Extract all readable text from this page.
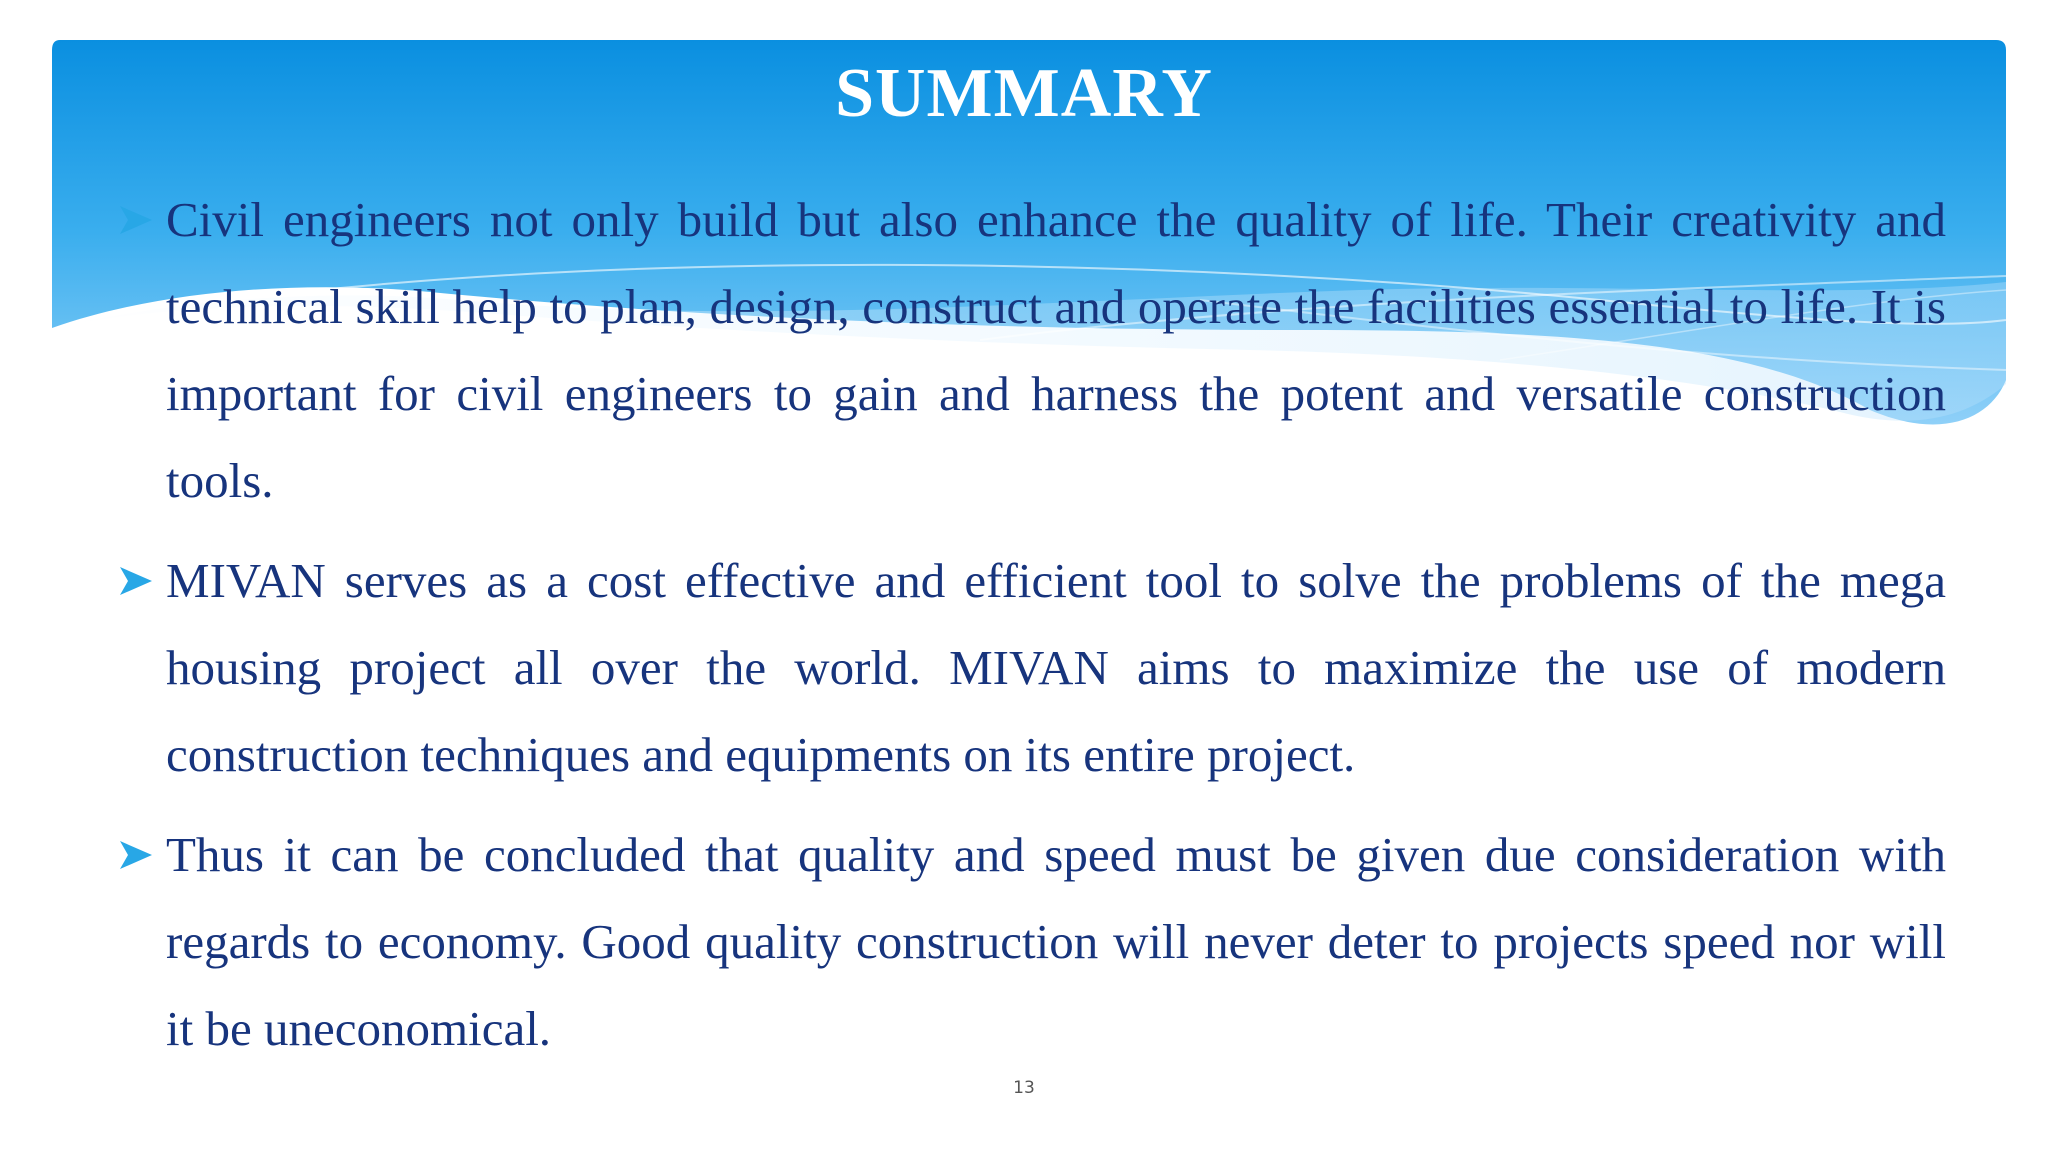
SUMMARY
Civil engineers not only build but also enhance the quality of life. Their creativity and technical skill help to plan, design, construct and operate the facilities essential to life. It is important for civil engineers to gain and harness the potent and versatile construction tools.
MIVAN serves as a cost effective and efficient tool to solve the problems of the mega housing project all over the world. MIVAN aims to maximize the use of modern construction techniques and equipments on its entire project.
Thus it can be concluded that quality and speed must be given due consideration with regards to economy. Good quality construction will never deter to projects speed nor will it be uneconomical.
13
